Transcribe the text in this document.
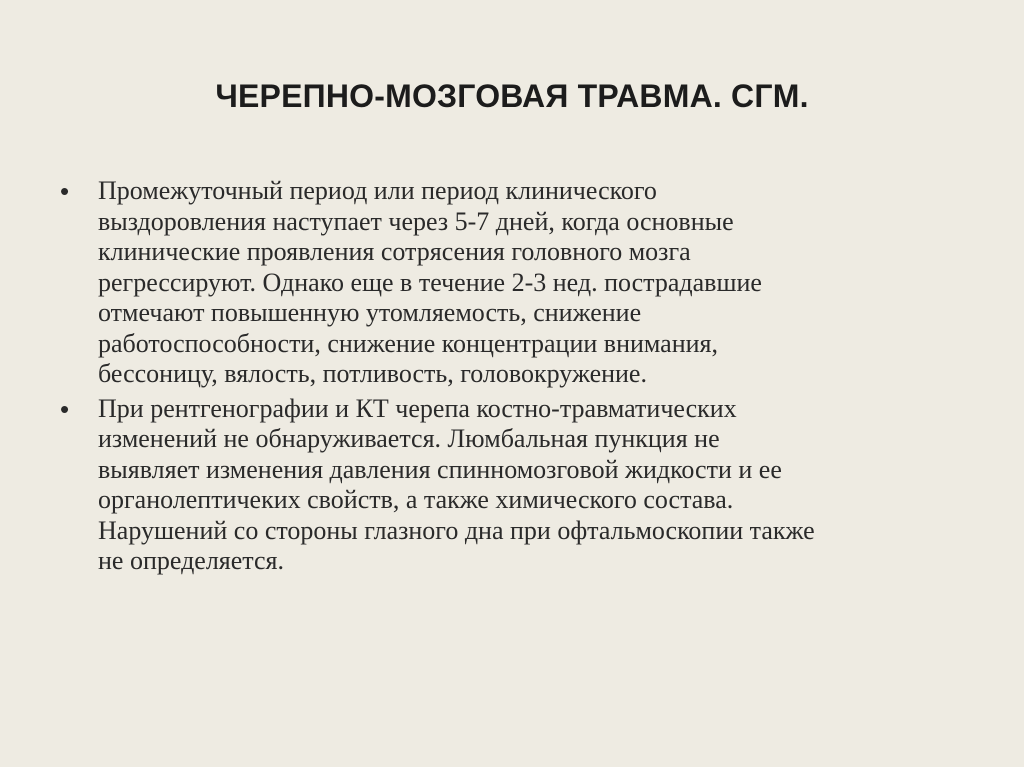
ЧЕРЕПНО-МОЗГОВАЯ ТРАВМА. СГМ.
•	Промежуточный период или период клинического
выздоровления наступает через 5-7 дней, когда основные
клинические проявления сотрясения головного мозга
регрессируют. Однако еще в течение 2-3 нед. пострадавшие
отмечают повышенную утомляемость, снижение
работоспособности, снижение концентрации внимания,
бессоницу, вялость, потливость, головокружение.
•	При рентгенографии и КТ черепа костно-травматических
изменений не обнаруживается. Люмбальная пункция не
выявляет изменения давления спинномозговой жидкости и ее
органолептичеких свойств, а также химического состава.
Нарушений со стороны глазного дна при офтальмоскопии также
не определяется.
